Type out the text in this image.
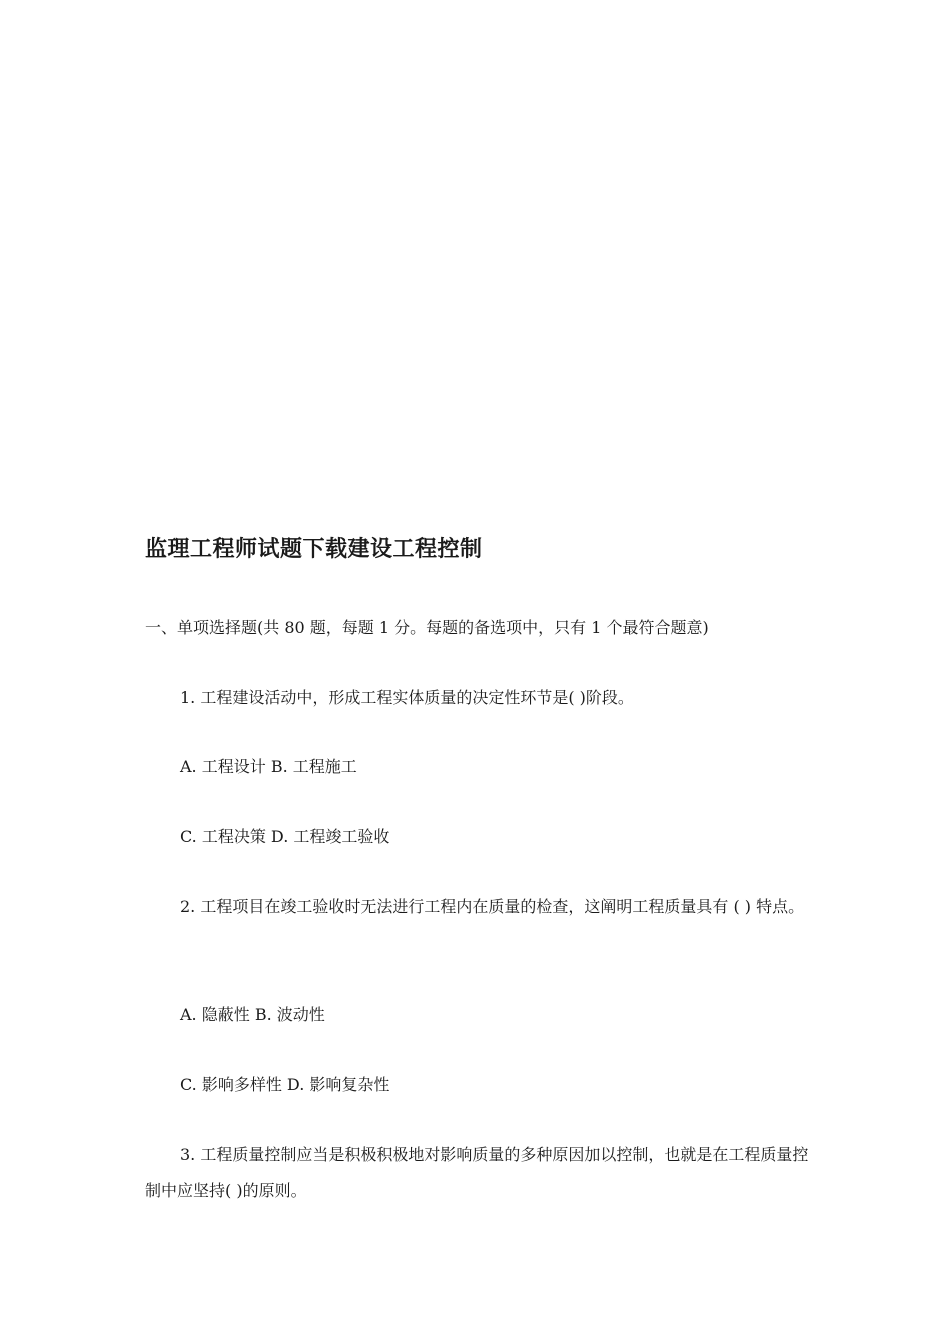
监理工程师试题下载建设工程控制

一、单项选择题(共 80 题，每题 1 分。每题的备选项中，只有 1 个最符合题意)

1. 工程建设活动中，形成工程实体质量的决定性环节是( )阶段。

A. 工程设计 B. 工程施工

C. 工程决策 D. 工程竣工验收

2. 工程项目在竣工验收时无法进行工程内在质量的检查，这阐明工程质量具有 ( ) 特点。

A. 隐蔽性 B. 波动性

C. 影响多样性 D. 影响复杂性

3. 工程质量控制应当是积极积极地对影响质量的多种原因加以控制，也就是在工程质量控制中应坚持( )的原则。
